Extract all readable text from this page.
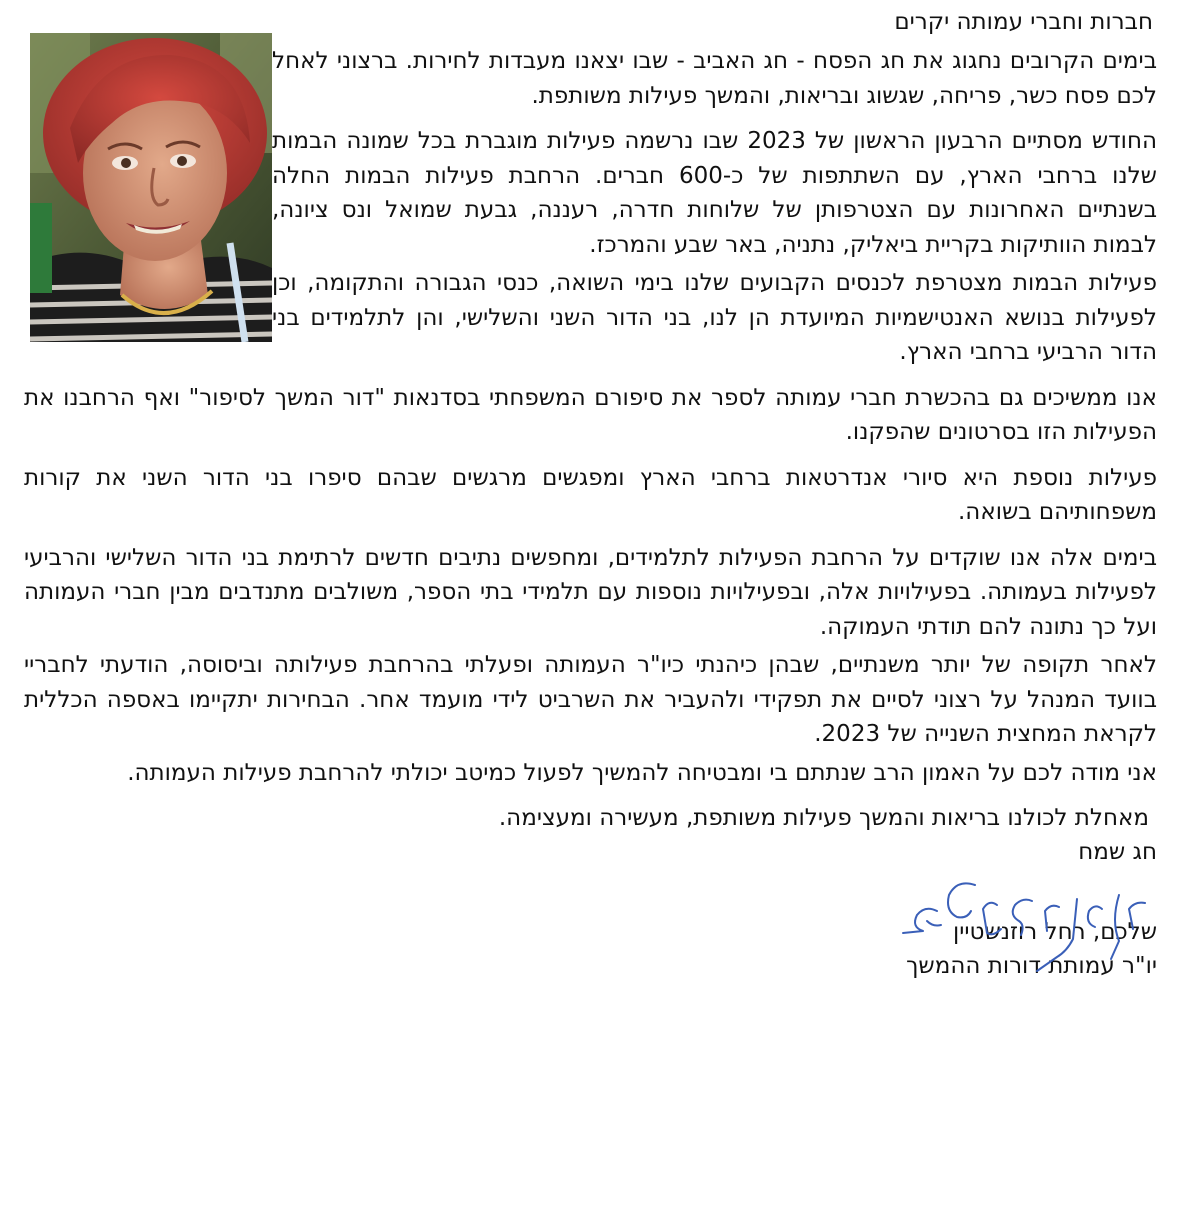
חברות וחברי עמותה יקרים

בימים הקרובים נחגוג את חג הפסח - חג האביב - שבו יצאנו מעבדות לחירות. ברצוני לאחל לכם פסח כשר, פריחה, שגשוג ובריאות, והמשך פעילות משותפת.

החודש מסתיים הרבעון הראשון של 2023 שבו נרשמה פעילות מוגברת בכל שמונה הבמות שלנו ברחבי הארץ, עם השתתפות של כ-600 חברים. הרחבת פעילות הבמות החלה בשנתיים האחרונות עם הצטרפותן של שלוחות חדרה, רעננה, גבעת שמואל ונס ציונה, לבמות הוותיקות בקריית ביאליק, נתניה, באר שבע והמרכז.

פעילות הבמות מצטרפת לכנסים הקבועים שלנו בימי השואה, כנסי הגבורה והתקומה, וכן לפעילות בנושא האנטישמיות המיועדת הן לנו, בני הדור השני והשלישי, והן לתלמידים בני הדור הרביעי ברחבי הארץ.

אנו ממשיכים גם בהכשרת חברי עמותה לספר את סיפורם המשפחתי בסדנאות "דור המשך לסיפור" ואף הרחבנו את הפעילות הזו בסרטונים שהפקנו.

פעילות נוספת היא סיורי אנדרטאות ברחבי הארץ ומפגשים מרגשים שבהם סיפרו בני הדור השני את קורות משפחותיהם בשואה.

בימים אלה אנו שוקדים על הרחבת הפעילות לתלמידים, ומחפשים נתיבים חדשים לרתימת בני הדור השלישי והרביעי לפעילות בעמותה. בפעילויות אלה, ובפעילויות נוספות עם תלמידי בתי הספר, משולבים מתנדבים מבין חברי העמותה ועל כך נתונה להם תודתי העמוקה.

לאחר תקופה של יותר משנתיים, שבהן כיהנתי כיו"ר העמותה ופעלתי בהרחבת פעילותה וביסוסה, הודעתי לחבריי בוועד המנהל על רצוני לסיים את תפקידי ולהעביר את השרביט לידי מועמד אחר. הבחירות יתקיימו באספה הכללית לקראת המחצית השנייה של 2023.

אני מודה לכם על האמון הרב שנתתם בי ומבטיחה להמשיך לפעול כמיטב יכולתי להרחבת פעילות העמותה.

מאחלת לכולנו בריאות והמשך פעילות משותפת, מעשירה ומעצימה.

חג שמח

שלכם, רחל רוזנשטיין

יו"ר עמותת דורות ההמשך
